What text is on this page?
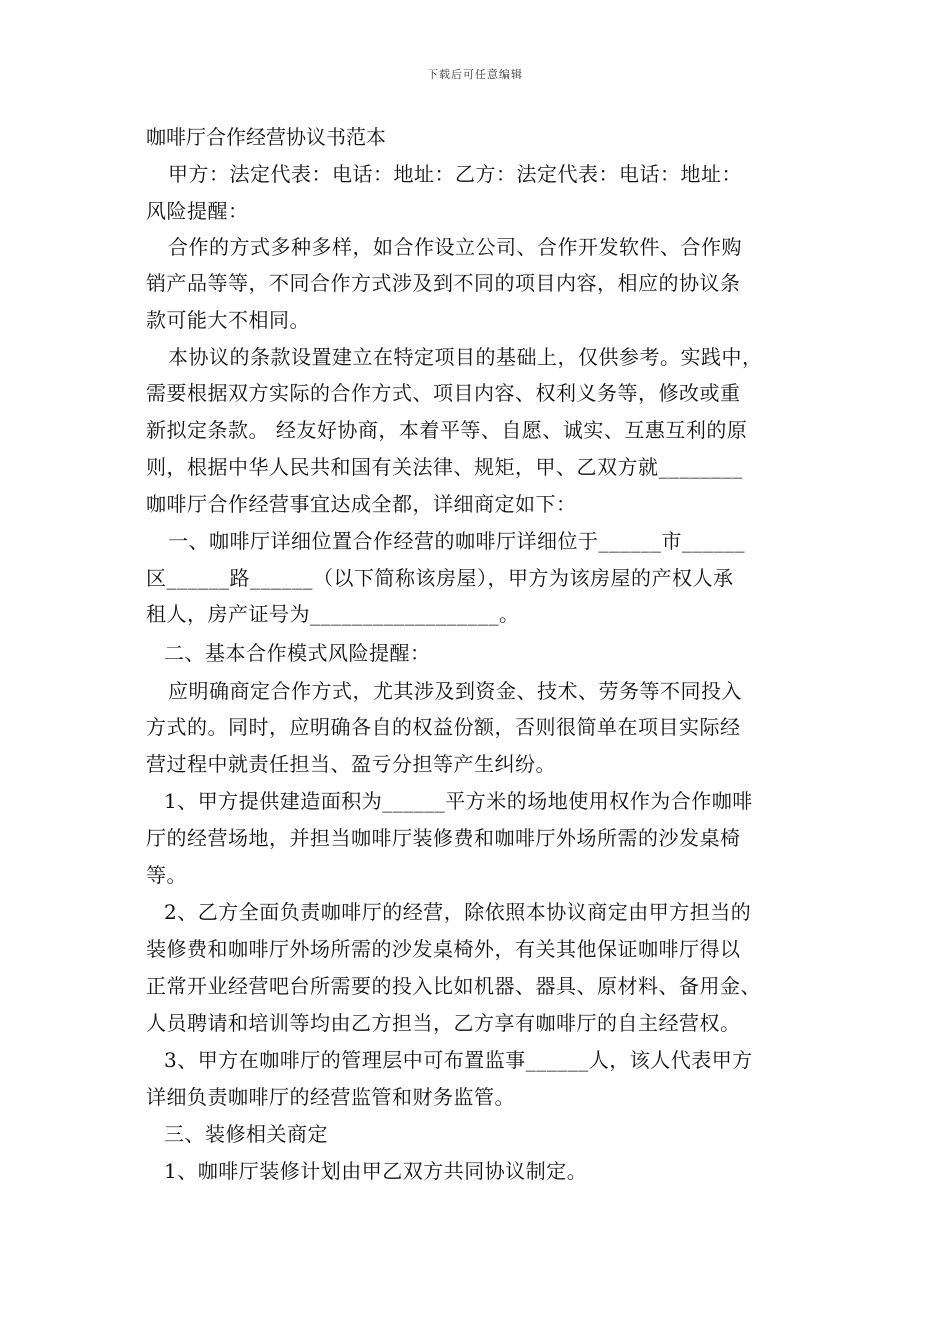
下载后可任意编辑
咖啡厅合作经营协议书范本
甲方：法定代表：电话：地址：乙方：法定代表：电话：地址：
风险提醒：
合作的方式多种多样，如合作设立公司、合作开发软件、合作购
销产品等等，不同合作方式涉及到不同的项目内容，相应的协议条
款可能大不相同。
本协议的条款设置建立在特定项目的基础上，仅供参考。实践中，
需要根据双方实际的合作方式、项目内容、权利义务等，修改或重
新拟定条款。 经友好协商，本着平等、自愿、诚实、互惠互利的原
则，根据中华人民共和国有关法律、规矩，甲、乙双方就________
咖啡厅合作经营事宜达成全都，详细商定如下：
一、咖啡厅详细位置合作经营的咖啡厅详细位于______市______
区______路______（以下简称该房屋），甲方为该房屋的产权人承
租人，房产证号为__________________。
二、基本合作模式风险提醒：
应明确商定合作方式，尤其涉及到资金、技术、劳务等不同投入
方式的。同时，应明确各自的权益份额，否则很简单在项目实际经
营过程中就责任担当、盈亏分担等产生纠纷。
1、甲方提供建造面积为______平方米的场地使用权作为合作咖啡
厅的经营场地，并担当咖啡厅装修费和咖啡厅外场所需的沙发桌椅
等。
2、乙方全面负责咖啡厅的经营，除依照本协议商定由甲方担当的
装修费和咖啡厅外场所需的沙发桌椅外，有关其他保证咖啡厅得以
正常开业经营吧台所需要的投入比如机器、器具、原材料、备用金、
人员聘请和培训等均由乙方担当，乙方享有咖啡厅的自主经营权。
3、甲方在咖啡厅的管理层中可布置监事______人，该人代表甲方
详细负责咖啡厅的经营监管和财务监管。
三、装修相关商定
1、咖啡厅装修计划由甲乙双方共同协议制定。
